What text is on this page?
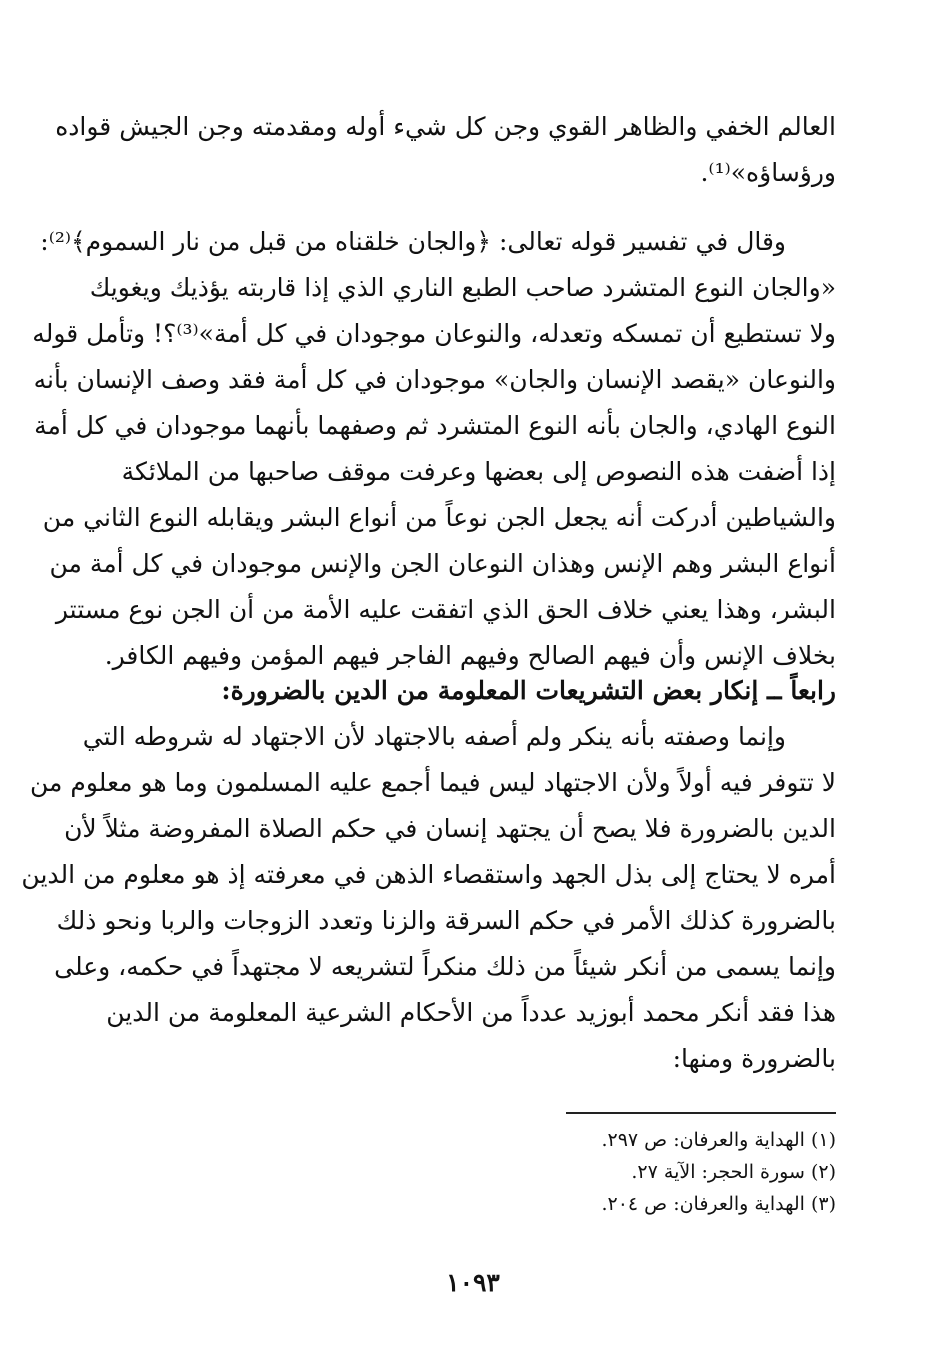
العالم الخفي والظاهر القوي وجن كل شيء أوله ومقدمته وجن الجيش قواده
ورؤساؤه»⁽¹⁾.
وقال في تفسير قوله تعالى: ﴿والجان خلقناه من قبل من نار السموم﴾⁽²⁾:
«والجان النوع المتشرد صاحب الطبع الناري الذي إذا قاربته يؤذيك ويغويك
ولا تستطيع أن تمسكه وتعدله، والنوعان موجودان في كل أمة»⁽³⁾؟! وتأمل قوله
والنوعان «يقصد الإنسان والجان» موجودان في كل أمة فقد وصف الإنسان بأنه
النوع الهادي، والجان بأنه النوع المتشرد ثم وصفهما بأنهما موجودان في كل أمة
إذا أضفت هذه النصوص إلى بعضها وعرفت موقف صاحبها من الملائكة
والشياطين أدركت أنه يجعل الجن نوعاً من أنواع البشر ويقابله النوع الثاني من
أنواع البشر وهم الإنس وهذان النوعان الجن والإنس موجودان في كل أمة من
البشر، وهذا يعني خلاف الحق الذي اتفقت عليه الأمة من أن الجن نوع مستتر
بخلاف الإنس وأن فيهم الصالح وفيهم الفاجر فيهم المؤمن وفيهم الكافر.
رابعاً ــ إنكار بعض التشريعات المعلومة من الدين بالضرورة:
وإنما وصفته بأنه ينكر ولم أصفه بالاجتهاد لأن الاجتهاد له شروطه التي
لا تتوفر فيه أولاً ولأن الاجتهاد ليس فيما أجمع عليه المسلمون وما هو معلوم من
الدين بالضرورة فلا يصح أن يجتهد إنسان في حكم الصلاة المفروضة مثلاً لأن
أمره لا يحتاج إلى بذل الجهد واستقصاء الذهن في معرفته إذ هو معلوم من الدين
بالضرورة كذلك الأمر في حكم السرقة والزنا وتعدد الزوجات والربا ونحو ذلك
وإنما يسمى من أنكر شيئاً من ذلك منكراً لتشريعه لا مجتهداً في حكمه، وعلى
هذا فقد أنكر محمد أبوزيد عدداً من الأحكام الشرعية المعلومة من الدين
بالضرورة ومنها:
(١) الهداية والعرفان: ص ٢٩٧.
(٢) سورة الحجر: الآية ٢٧.
(٣) الهداية والعرفان: ص ٢٠٤.
١٠٩٣
